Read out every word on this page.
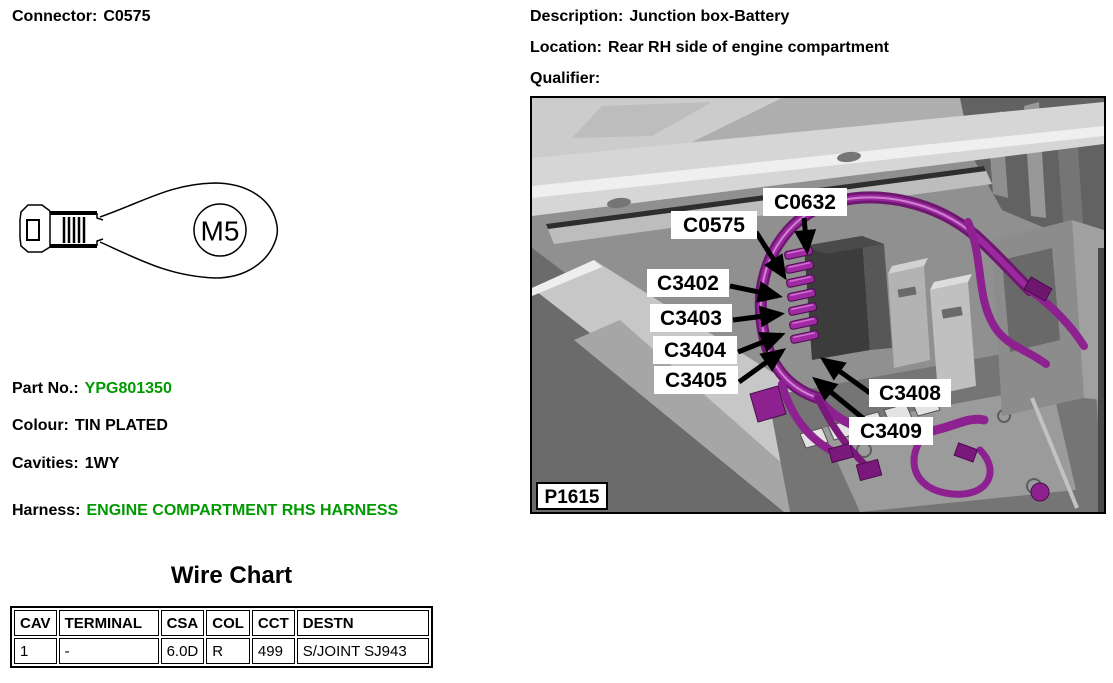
Connector: C0575
M5
Part No.: YPG801350
Colour: TIN PLATED
Cavities: 1WY
Harness: ENGINE COMPARTMENT RHS HARNESS
Wire Chart
CAV	TERMINAL	CSA	COL	CCT	DESTN
1	-	6.0D	R	499	S/JOINT SJ943
Description: Junction box-Battery
Location: Rear RH side of engine compartment
Qualifier:
C0632
C0575
C3402
C3403
C3404
C3405
C3408
C3409
P1615
